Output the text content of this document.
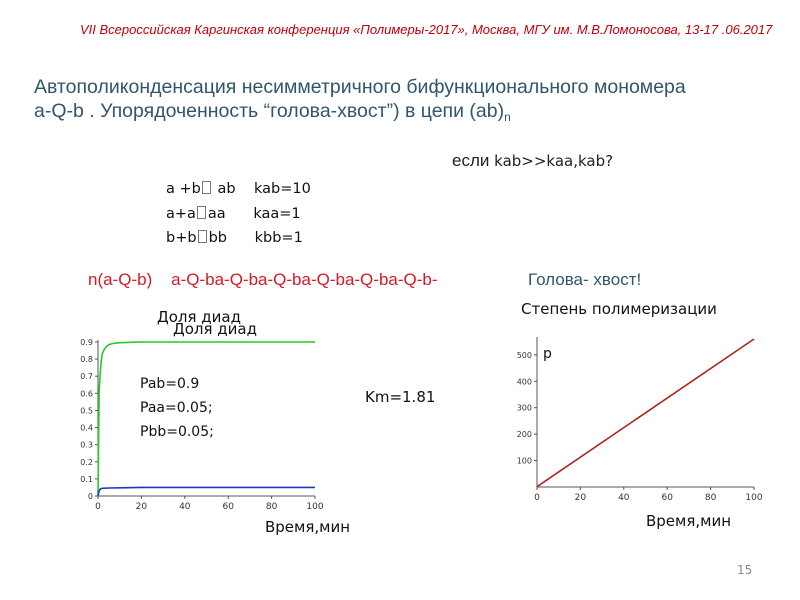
VII Всероссийская Каргинская конференция «Полимеры-2017», Москва, МГУ им. М.В.Ломоносова, 13-17 .06.2017
Автополиконденсация несимметричного бифункционального мономера
a-Q-b . Упорядоченность “голова-хвост”) в цепи $(ab)_n$
если kab>>kaa,kab?
a +b ab    kab=10
a+a aa      kaa=1
b+b bb      kbb=1
n(a-Q-b)    a-Q-ba-Q-ba-Q-ba-Q-ba-Q-ba-Q-b-	Голова- хвост!
Доля диад
Доля диад
Степень полимеризации
0	20	40	60	80	100
0
0.1
0.2
0.3
0.4
0.5
0.6
0.7
0.8
0.9
0	20	40	60	80	100
100
200
300
400
500 p
Pab=0.9
Paa=0.05;
Pbb=0.05;
Km=1.81
Время,мин	Время,мин
15
